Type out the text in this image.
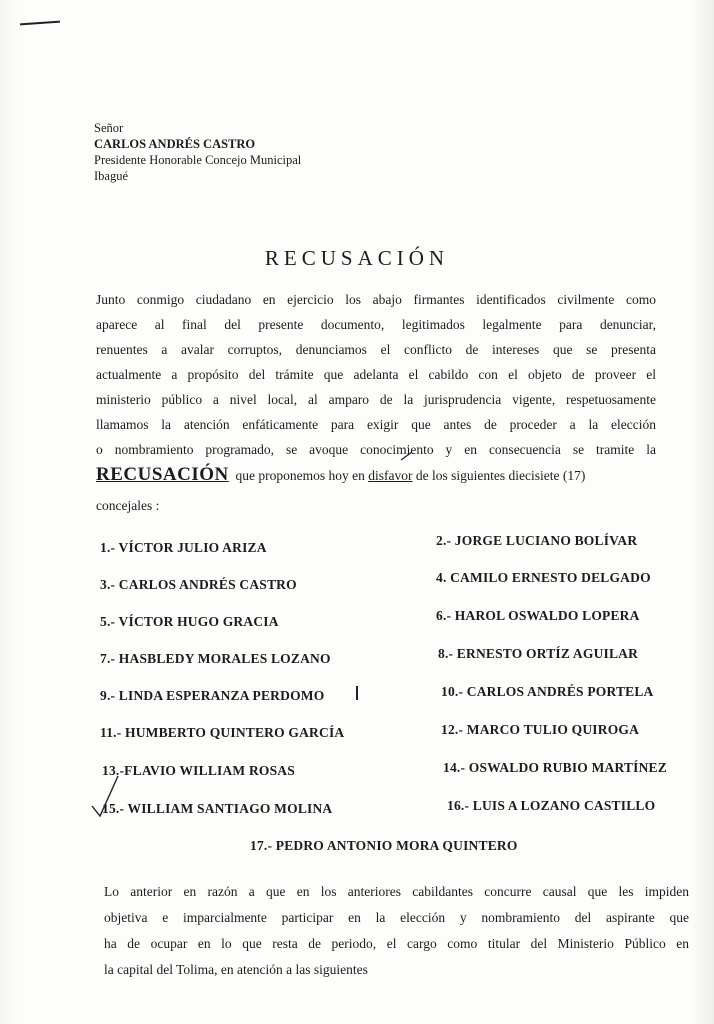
Señor
CARLOS ANDRÉS CASTRO
Presidente Honorable Concejo Municipal
Ibagué
RECUSACIÓN
Junto conmigo ciudadano en ejercicio los abajo firmantes identificados civilmente como
aparece al final del presente documento, legitimados legalmente para denunciar,
renuentes a avalar corruptos, denunciamos el conflicto de intereses que se presenta
actualmente a propósito del trámite que adelanta el cabildo con el objeto de proveer el
ministerio público a nivel local, al amparo de la jurisprudencia vigente, respetuosamente
llamamos la atención enfáticamente para exigir que antes de proceder a la elección
o nombramiento programado, se avoque conocimiento y en consecuencia se tramite la
RECUSACIÓN que proponemos hoy en disfavor de los siguientes diecisiete (17)
concejales :
1.- VÍCTOR JULIO ARIZA	2.- JORGE LUCIANO BOLÍVAR
3.- CARLOS ANDRÉS CASTRO	4. CAMILO ERNESTO DELGADO
5.- VÍCTOR HUGO GRACIA	6.- HAROL OSWALDO LOPERA
7.- HASBLEDY MORALES LOZANO	8.- ERNESTO ORTÍZ AGUILAR
9.- LINDA ESPERANZA PERDOMO	10.- CARLOS ANDRÉS PORTELA
11.- HUMBERTO QUINTERO GARCÍA	12.- MARCO TULIO QUIROGA
13.-FLAVIO WILLIAM ROSAS	14.- OSWALDO RUBIO MARTÍNEZ
15.- WILLIAM SANTIAGO MOLINA	16.- LUIS A LOZANO CASTILLO
17.- PEDRO ANTONIO MORA QUINTERO
Lo anterior en razón a que en los anteriores cabildantes concurre causal que les impiden
objetiva e imparcialmente participar en la elección y nombramiento del aspirante que
ha de ocupar en lo que resta de periodo, el cargo como titular del Ministerio Público en
la capital del Tolima, en atención a las siguientes
